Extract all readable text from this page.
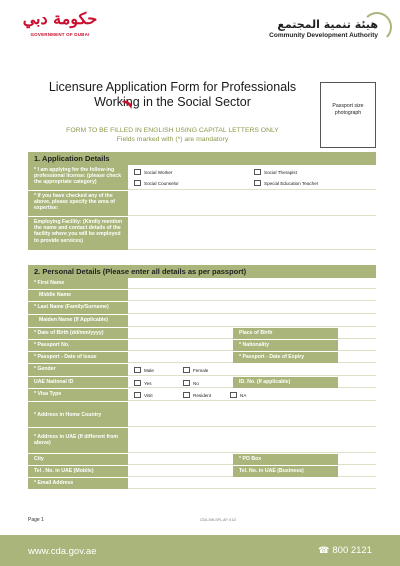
حكومة دبي
GOVERNMENT OF DUBAI
هيئة تنمية المجتمع
Community Development Authority
Licensure Application Form for Professionals
Working in the Social Sector
FORM TO BE FILLED IN ENGLISH USING CAPITAL LETTERS ONLY
Fields marked with (*) are mandatory
Passport size photograph
1. Application Details
* I am applying for the follow-ing professional license: (please check the appropriate category)
Social Worker	Social Therapist
Social Counselor	Special Education Teacher
* If you have checked any of the above, please specify the area of expertise:
Employing Facility: (Kindly mention the name and contact details of the facility where you will be employed to provide services)
2. Personal Details (Please enter all details as per passport)
* First Name
Middle Name
* Last Name (Family/Surname)
Maiden Name (If Applicable)
* Date of Birth (dd/mm/yyyy)	Place of Birth
* Passport No.	* Nationality
* Passport - Date of Issue	* Passport - Date of Expiry
* Gender	Male	Female
UAE National ID	Yes	No	ID. No. (If applicable)
* Visa Type	Visit	Resident	NA
* Address in Home Country
* Address in UAE (If different from above)
City	* PO Box
Tel . No. in UAE (Mobile)	Tel. No. in UAE (Business)
* Email Address
Page 1	CDA-SW-SPL-AP-V1/2
www.cda.gov.ae	☎ 800 2121
